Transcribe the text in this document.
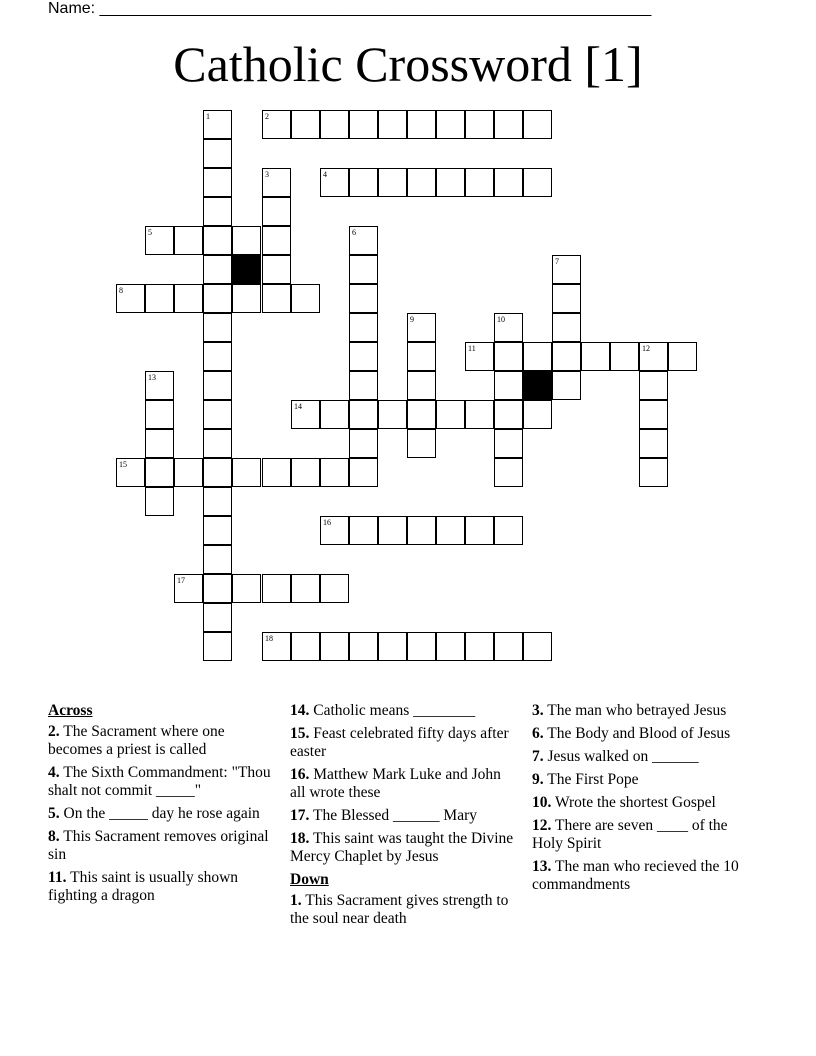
Name: ______________________________________________________________
Catholic Crossword [1]
1	2
3	4
5	6
7
8
9	10
11	12
13
14
15
16
17
18
Across
2. The Sacrament where one becomes a priest is called
4. The Sixth Commandment: "Thou shalt not commit _____"
5. On the _____ day he rose again
8. This Sacrament removes original sin
11. This saint is usually shown fighting a dragon
14. Catholic means ________
15. Feast celebrated fifty days after easter
16. Matthew Mark Luke and John all wrote these
17. The Blessed ______ Mary
18. This saint was taught the Divine Mercy Chaplet by Jesus
Down
1. This Sacrament gives strength to the soul near death
3. The man who betrayed Jesus
6. The Body and Blood of Jesus
7. Jesus walked on ______
9. The First Pope
10. Wrote the shortest Gospel
12. There are seven ____ of the Holy Spirit
13. The man who recieved the 10 commandments
